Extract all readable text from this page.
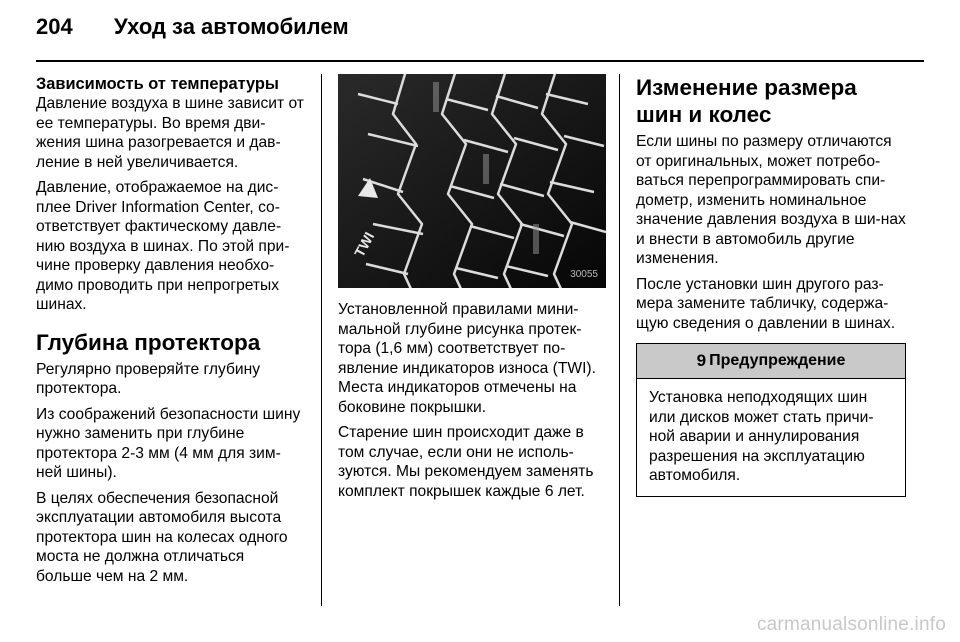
204	Уход за автомобилем
Зависимость от температуры

Давление воздуха в шине зависит от ее температуры. Во время дви-жения шина разогревается и дав-ление в ней увеличивается.

Давление, отображаемое на дис-плее Driver Information Center, со-ответствует фактическому давле-нию воздуха в шинах. По этой при-чине проверку давления необхо-димо проводить при непрогретых шинах.

Глубина протектора

Регулярно проверяйте глубину протектора.

Из соображений безопасности шину нужно заменить при глубине протектора 2-3 мм (4 мм для зим-ней шины).

В целях обеспечения безопасной эксплуатации автомобиля высота протектора шин на колесах одного моста не должна отличаться больше чем на 2 мм.

TWI
30055

Установленной правилами мини-мальной глубине рисунка протек-тора (1,6 мм) соответствует по-явление индикаторов износа (TWI). Места индикаторов отмечены на боковине покрышки.

Старение шин происходит даже в том случае, если они не исполь-зуются. Мы рекомендуем заменять комплект покрышек каждые 6 лет.

Изменение размера шин и колес

Если шины по размеру отличаются от оригинальных, может потребо-ваться перепрограммировать спи-дометр, изменить номинальное значение давления воздуха в ши-нах и внести в автомобиль другие изменения.

После установки шин другого раз-мера замените табличку, содержа-щую сведения о давлении в шинах.

9 Предупреждение
Установка неподходящих шин или дисков может стать причи-ной аварии и аннулирования разрешения на эксплуатацию автомобиля.
carmanualsonline.info
